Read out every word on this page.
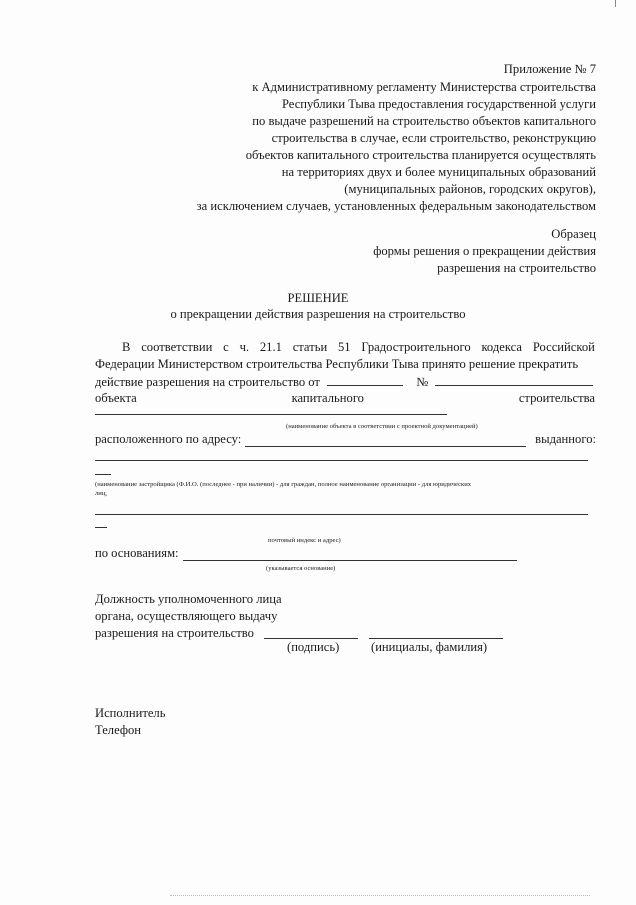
Приложение № 7
к Административному регламенту Министерства строительства
Республики Тыва предоставления государственной услуги
по выдаче разрешений на строительство объектов капитального
строительства в случае, если строительство, реконструкцию
объектов капитального строительства планируется осуществлять
на территориях двух и более муниципальных образований
(муниципальных районов, городских округов),
за исключением случаев, установленных федеральным законодательством
Образец
формы решения о прекращении действия
разрешения на строительство
РЕШЕНИЕ
о прекращении действия разрешения на строительство
В соответствии с ч. 21.1 статьи 51 Градостроительного кодекса Российской
Федерации Министерством строительства Республики Тыва принято решение прекратить
действие разрешения на строительство от	№
объекта	капитального	строительства
(наименование объекта в соответствии с проектной документацией)
расположенного по адресу:	выданного:
(наименование застройщика (Ф.И.О. (последнее - при наличии) - для граждан, полное наименование организации - для юридических
лиц,
почтовый индекс и адрес)
по основаниям:
(указывается основание)
Должность уполномоченного лица
органа, осуществляющего выдачу
разрешения на строительство
(подпись)	(инициалы, фамилия)
Исполнитель
Телефон
